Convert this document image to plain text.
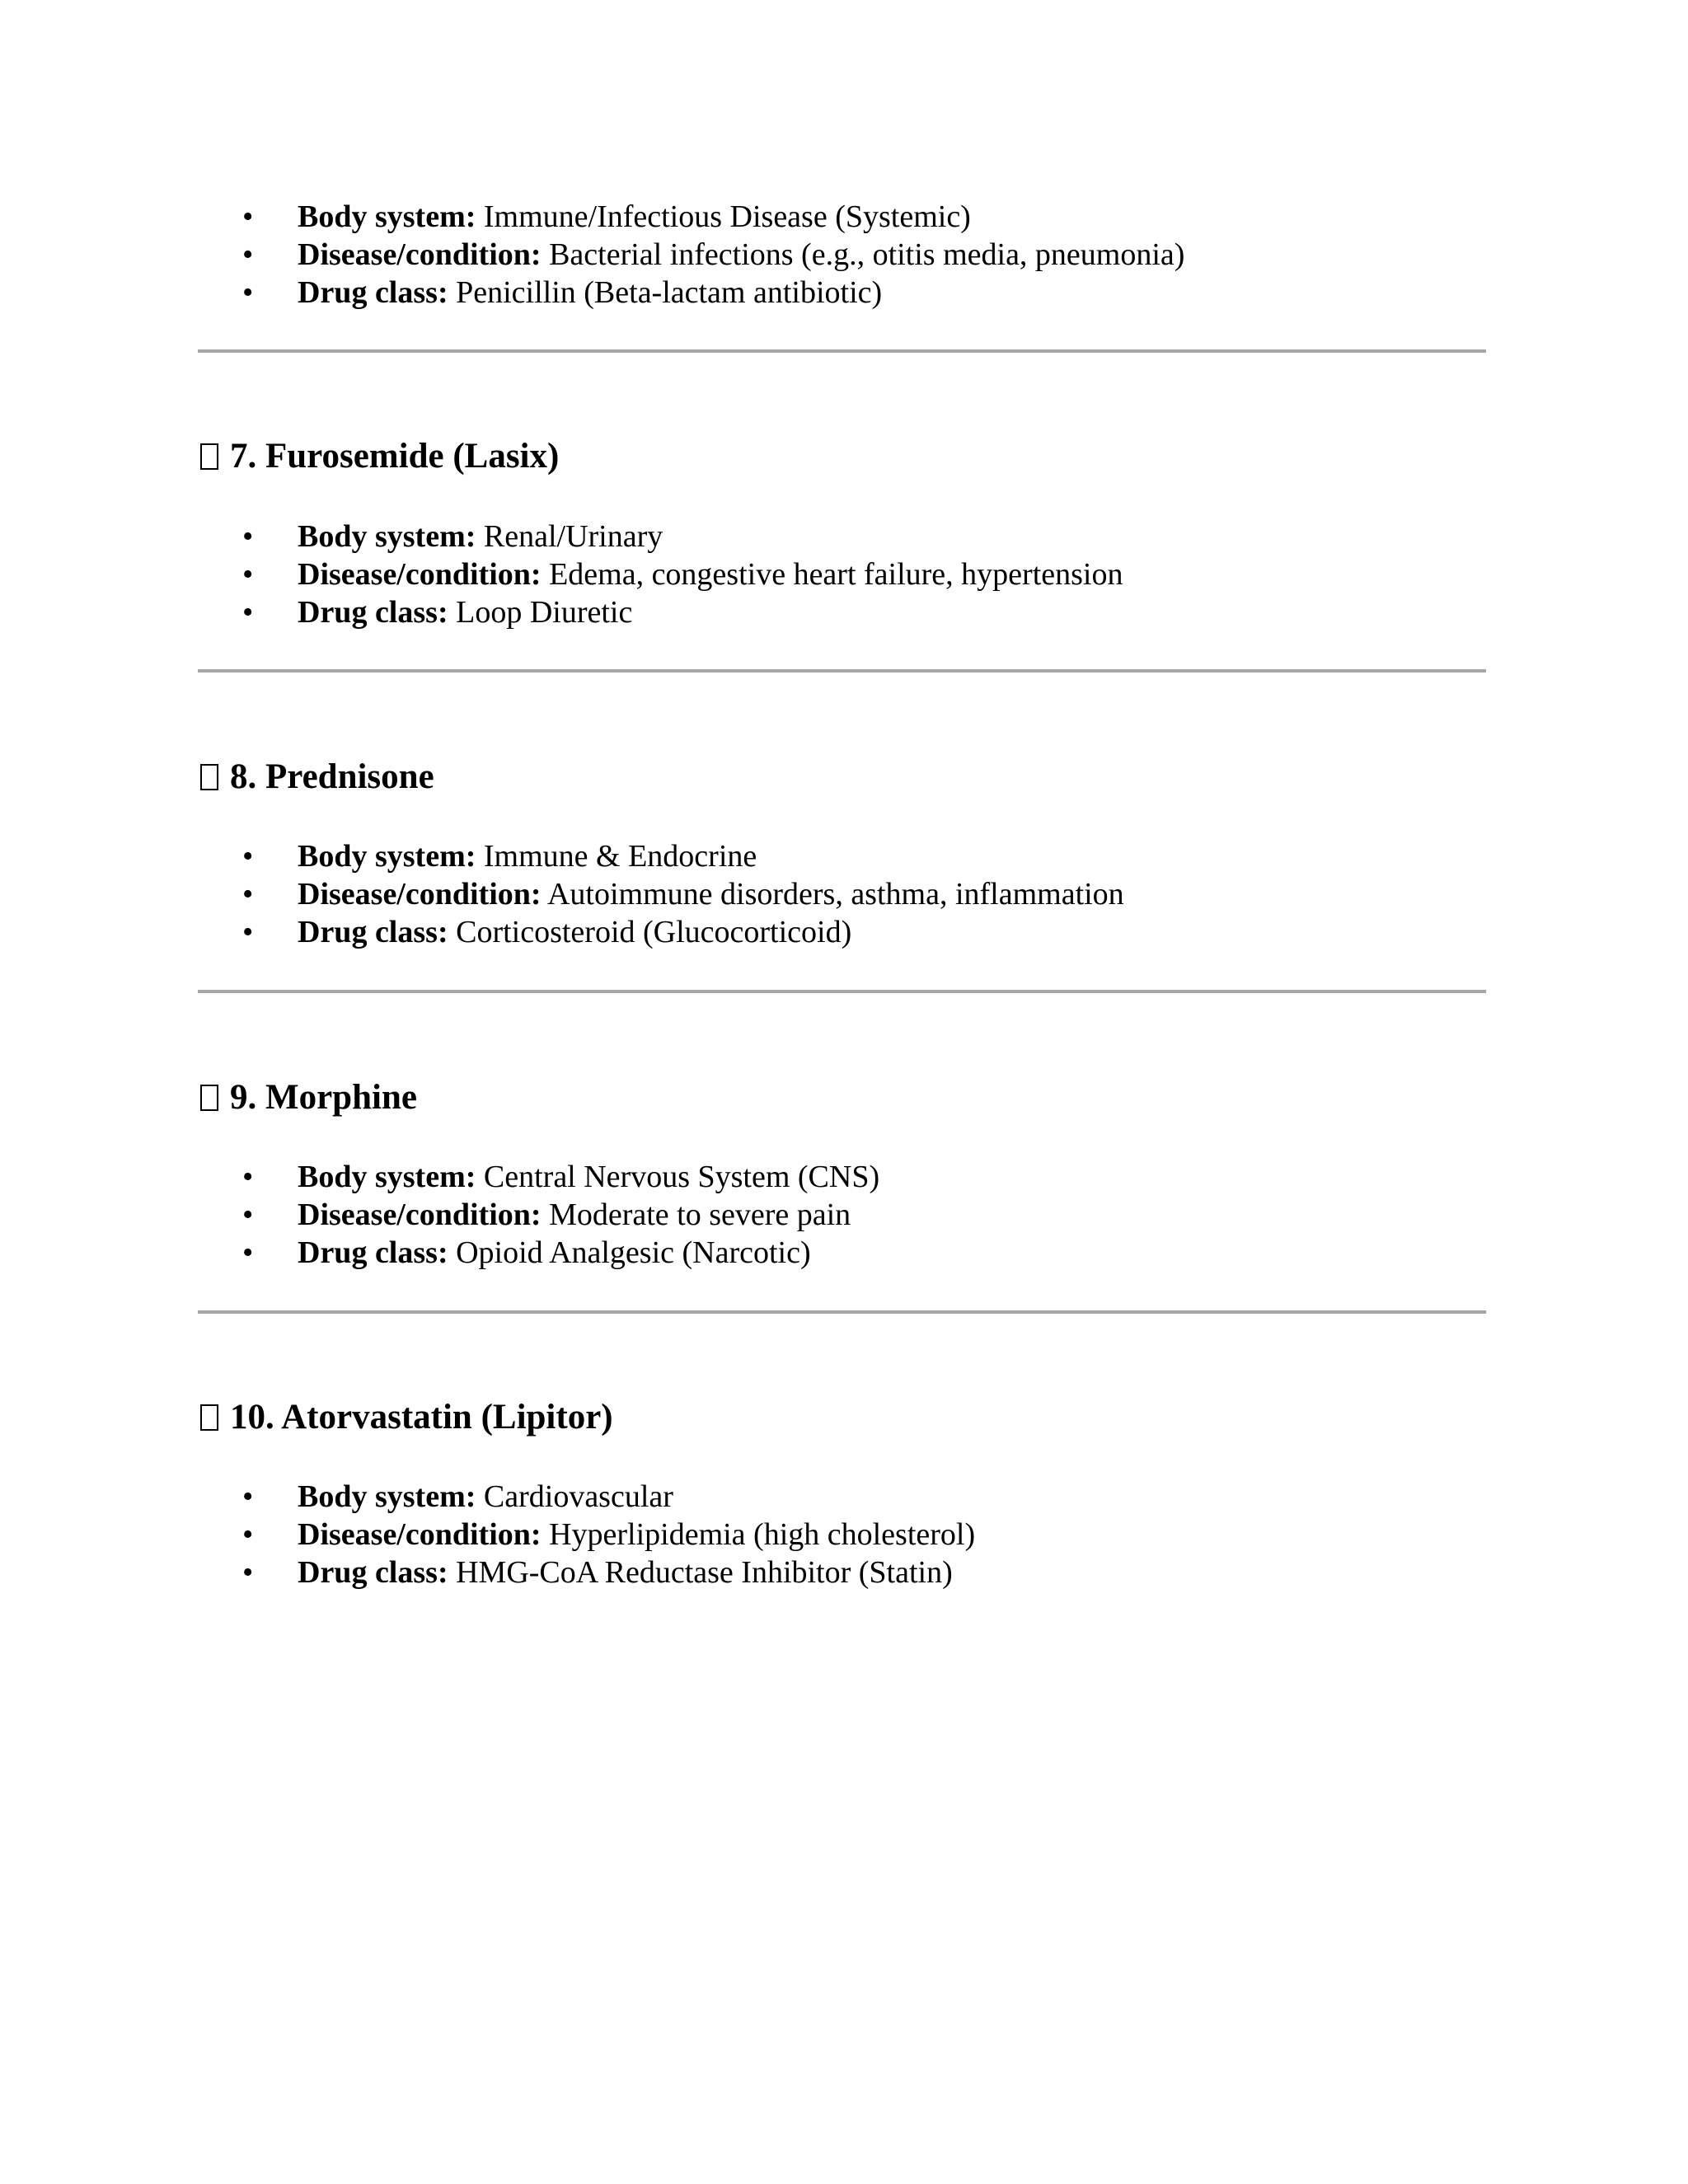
• Body system: Immune/Infectious Disease (Systemic)
• Disease/condition: Bacterial infections (e.g., otitis media, pneumonia)
• Drug class: Penicillin (Beta-lactam antibiotic)
7. Furosemide (Lasix)
• Body system: Renal/Urinary
• Disease/condition: Edema, congestive heart failure, hypertension
• Drug class: Loop Diuretic
8. Prednisone
• Body system: Immune & Endocrine
• Disease/condition: Autoimmune disorders, asthma, inflammation
• Drug class: Corticosteroid (Glucocorticoid)
9. Morphine
• Body system: Central Nervous System (CNS)
• Disease/condition: Moderate to severe pain
• Drug class: Opioid Analgesic (Narcotic)
10. Atorvastatin (Lipitor)
• Body system: Cardiovascular
• Disease/condition: Hyperlipidemia (high cholesterol)
• Drug class: HMG-CoA Reductase Inhibitor (Statin)
